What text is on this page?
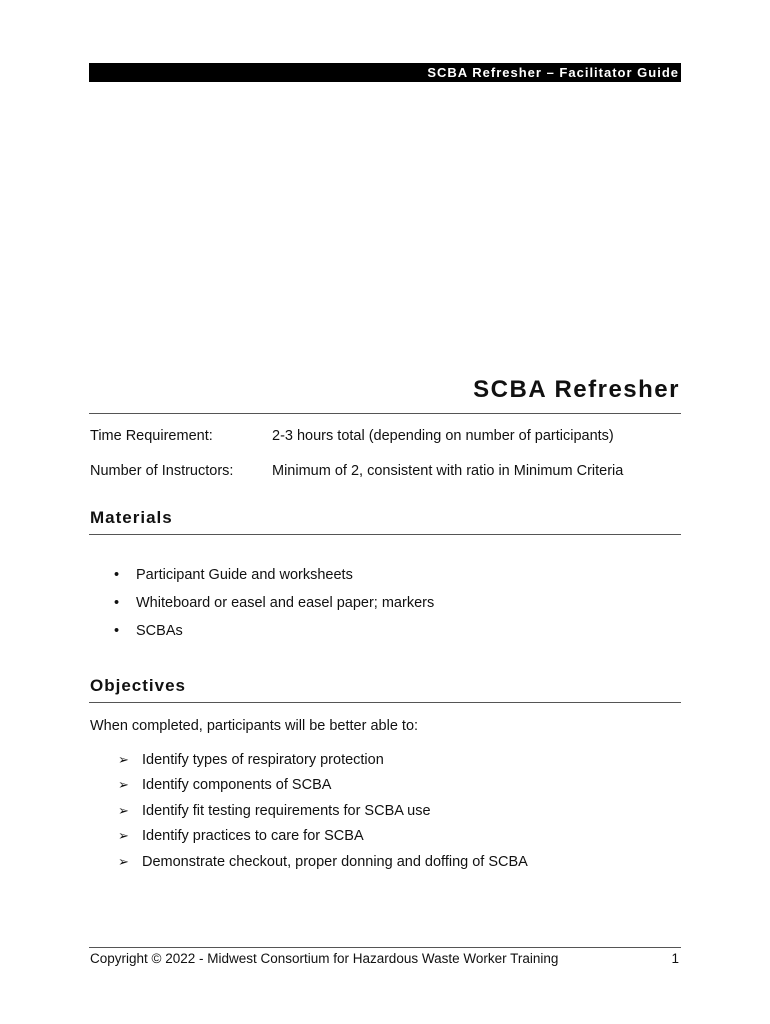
SCBA Refresher – Facilitator Guide
SCBA Refresher
Time Requirement:	2-3 hours total (depending on number of participants)
Number of Instructors:	Minimum of 2, consistent with ratio in Minimum Criteria
Materials
• Participant Guide and worksheets
• Whiteboard or easel and easel paper; markers
• SCBAs
Objectives
When completed, participants will be better able to:
➢ Identify types of respiratory protection
➢ Identify components of SCBA
➢ Identify fit testing requirements for SCBA use
➢ Identify practices to care for SCBA
➢ Demonstrate checkout, proper donning and doffing of SCBA
Copyright © 2022 - Midwest Consortium for Hazardous Waste Worker Training	1
